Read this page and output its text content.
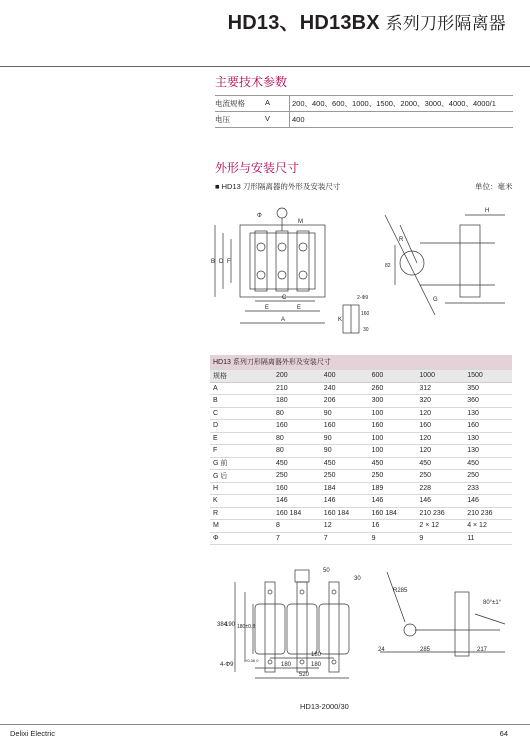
HD13、HD13BX 系列刀形隔离器
主要技术参数
电流规格	A	200、400、600、1000、1500、2000、3000、4000、4000/1
电压	V	400
外形与安装尺寸
■ HD13 刀形隔离器的外形及安装尺寸	单位：毫米
Φ
M
B D F
C
E	E
A	K
160
30
2-Φ9
H
R
G
82
HD13 系列刀形隔离器外形及安装尺寸					
规格	200	400	600	1000	1500
A	210	240	260	312	350
B	180	206	300	320	360
C	80	90	100	120	130
D	160	160	160	160	160
E	80	90	100	120	130
F	80	90	100	120	130
G 前	450	450	450	450	450
G 后	250	250	250	250	250
H	160	184	189	228	233
K	146	146	146	146	146
R	160 184	160 184	160 184	210 236	210 236
M	8	12	16	2 × 12	4 × 12
Φ	7	7	9	9	11
50
30
384
190 180±0.8
180
180	180
520
4-Φ9
+0.36 0
R285
80°±1°
24	285	217
HD13-2000/30
Delixi Electric	64
